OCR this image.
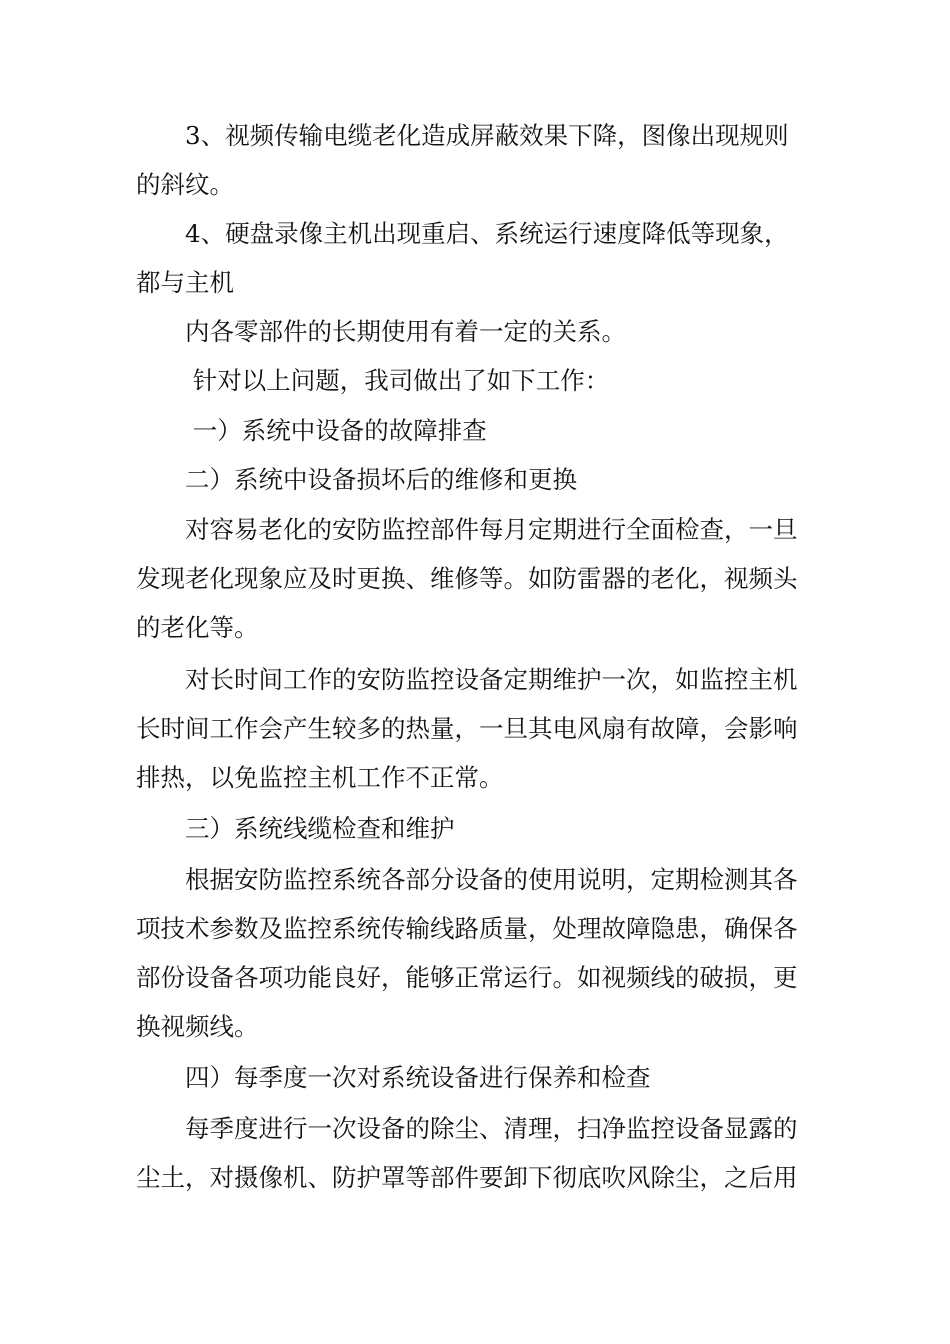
　　3、视频传输电缆老化造成屏蔽效果下降，图像出现规则
的斜纹。

　　4、硬盘录像主机出现重启、系统运行速度降低等现象，
都与主机

　　内各零部件的长期使用有着一定的关系。

　　 针对以上问题，我司做出了如下工作：

　　 一）系统中设备的故障排查

　　二）系统中设备损坏后的维修和更换

　　对容易老化的安防监控部件每月定期进行全面检查，一旦
发现老化现象应及时更换、维修等。如防雷器的老化，视频头
的老化等。

　　对长时间工作的安防监控设备定期维护一次，如监控主机
长时间工作会产生较多的热量，一旦其电风扇有故障，会影响
排热，以免监控主机工作不正常。

　　三）系统线缆检查和维护

　　根据安防监控系统各部分设备的使用说明，定期检测其各
项技术参数及监控系统传输线路质量，处理故障隐患，确保各
部份设备各项功能良好，能够正常运行。如视频线的破损，更
换视频线。

　　四）每季度一次对系统设备进行保养和检查

　　每季度进行一次设备的除尘、清理，扫净监控设备显露的
尘土，对摄像机、防护罩等部件要卸下彻底吹风除尘，之后用
